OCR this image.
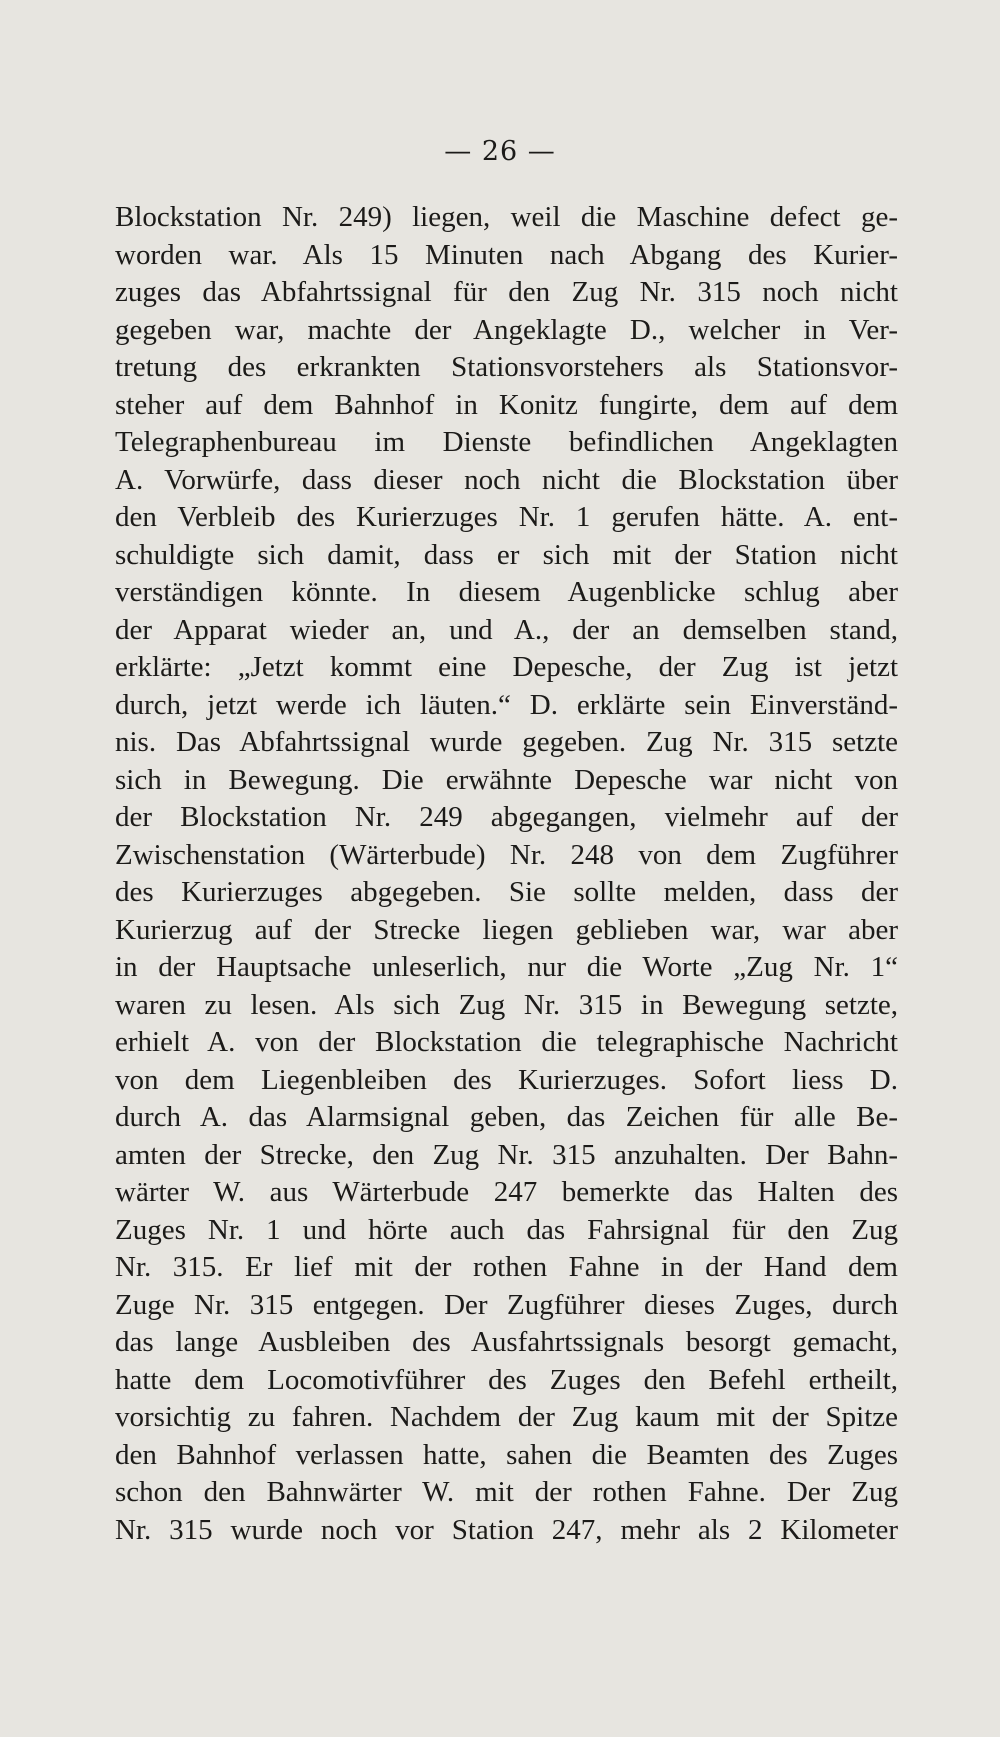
— 26 —
Blockstation Nr. 249) liegen, weil die Maschine defect ge-
worden war. Als 15 Minuten nach Abgang des Kurier-
zuges das Abfahrtssignal für den Zug Nr. 315 noch nicht
gegeben war, machte der Angeklagte D., welcher in Ver-
tretung des erkrankten Stationsvorstehers als Stationsvor-
steher auf dem Bahnhof in Konitz fungirte, dem auf dem
Telegraphenbureau im Dienste befindlichen Angeklagten
A. Vorwürfe, dass dieser noch nicht die Blockstation über
den Verbleib des Kurierzuges Nr. 1 gerufen hätte. A. ent-
schuldigte sich damit, dass er sich mit der Station nicht
verständigen könnte. In diesem Augenblicke schlug aber
der Apparat wieder an, und A., der an demselben stand,
erklärte: „Jetzt kommt eine Depesche, der Zug ist jetzt
durch, jetzt werde ich läuten.“ D. erklärte sein Einverständ-
nis. Das Abfahrtssignal wurde gegeben. Zug Nr. 315 setzte
sich in Bewegung. Die erwähnte Depesche war nicht von
der Blockstation Nr. 249 abgegangen, vielmehr auf der
Zwischenstation (Wärterbude) Nr. 248 von dem Zugführer
des Kurierzuges abgegeben. Sie sollte melden, dass der
Kurierzug auf der Strecke liegen geblieben war, war aber
in der Hauptsache unleserlich, nur die Worte „Zug Nr. 1“
waren zu lesen. Als sich Zug Nr. 315 in Bewegung setzte,
erhielt A. von der Blockstation die telegraphische Nachricht
von dem Liegenbleiben des Kurierzuges. Sofort liess D.
durch A. das Alarmsignal geben, das Zeichen für alle Be-
amten der Strecke, den Zug Nr. 315 anzuhalten. Der Bahn-
wärter W. aus Wärterbude 247 bemerkte das Halten des
Zuges Nr. 1 und hörte auch das Fahrsignal für den Zug
Nr. 315. Er lief mit der rothen Fahne in der Hand dem
Zuge Nr. 315 entgegen. Der Zugführer dieses Zuges, durch
das lange Ausbleiben des Ausfahrtssignals besorgt gemacht,
hatte dem Locomotivführer des Zuges den Befehl ertheilt,
vorsichtig zu fahren. Nachdem der Zug kaum mit der Spitze
den Bahnhof verlassen hatte, sahen die Beamten des Zuges
schon den Bahnwärter W. mit der rothen Fahne. Der Zug
Nr. 315 wurde noch vor Station 247, mehr als 2 Kilometer
